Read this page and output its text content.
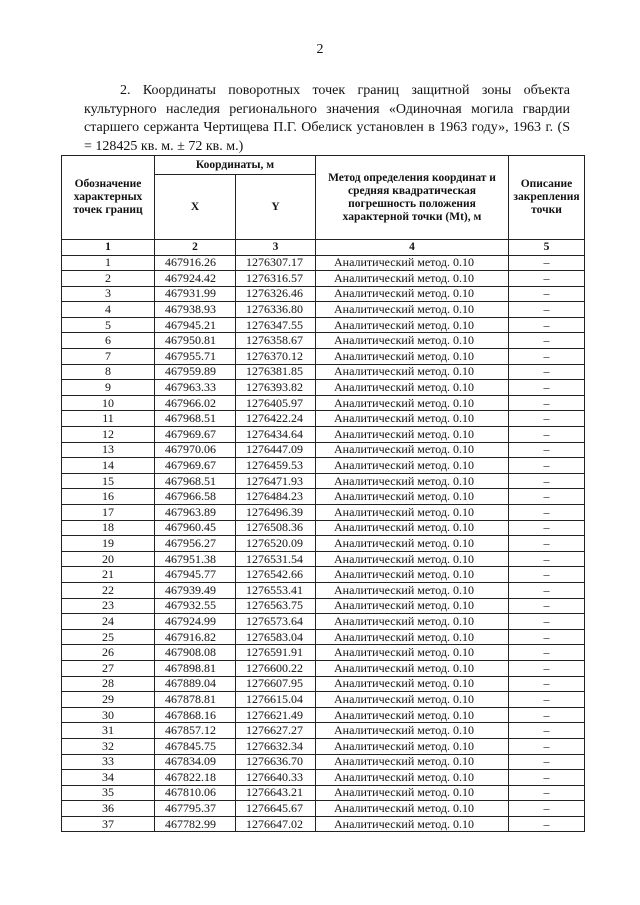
2

2. Координаты поворотных точек границ защитной зоны объекта культурного наследия регионального значения «Одиночная могила гвардии старшего сержанта Чертищева П.Г. Обелиск установлен в 1963 году», 1963 г. (S = 128425 кв. м. ± 72 кв. м.)

Обозначение характерных точек границ	Координаты, м		Метод определения координат и средняя квадратическая погрешность положения характерной точки (Mt), м	Описание закрепления точки
	X	Y		
1	2	3	4	5
1	467916.26	1276307.17	Аналитический метод. 0.10	–
2	467924.42	1276316.57	Аналитический метод. 0.10	–
3	467931.99	1276326.46	Аналитический метод. 0.10	–
4	467938.93	1276336.80	Аналитический метод. 0.10	–
5	467945.21	1276347.55	Аналитический метод. 0.10	–
6	467950.81	1276358.67	Аналитический метод. 0.10	–
7	467955.71	1276370.12	Аналитический метод. 0.10	–
8	467959.89	1276381.85	Аналитический метод. 0.10	–
9	467963.33	1276393.82	Аналитический метод. 0.10	–
10	467966.02	1276405.97	Аналитический метод. 0.10	–
11	467968.51	1276422.24	Аналитический метод. 0.10	–
12	467969.67	1276434.64	Аналитический метод. 0.10	–
13	467970.06	1276447.09	Аналитический метод. 0.10	–
14	467969.67	1276459.53	Аналитический метод. 0.10	–
15	467968.51	1276471.93	Аналитический метод. 0.10	–
16	467966.58	1276484.23	Аналитический метод. 0.10	–
17	467963.89	1276496.39	Аналитический метод. 0.10	–
18	467960.45	1276508.36	Аналитический метод. 0.10	–
19	467956.27	1276520.09	Аналитический метод. 0.10	–
20	467951.38	1276531.54	Аналитический метод. 0.10	–
21	467945.77	1276542.66	Аналитический метод. 0.10	–
22	467939.49	1276553.41	Аналитический метод. 0.10	–
23	467932.55	1276563.75	Аналитический метод. 0.10	–
24	467924.99	1276573.64	Аналитический метод. 0.10	–
25	467916.82	1276583.04	Аналитический метод. 0.10	–
26	467908.08	1276591.91	Аналитический метод. 0.10	–
27	467898.81	1276600.22	Аналитический метод. 0.10	–
28	467889.04	1276607.95	Аналитический метод. 0.10	–
29	467878.81	1276615.04	Аналитический метод. 0.10	–
30	467868.16	1276621.49	Аналитический метод. 0.10	–
31	467857.12	1276627.27	Аналитический метод. 0.10	–
32	467845.75	1276632.34	Аналитический метод. 0.10	–
33	467834.09	1276636.70	Аналитический метод. 0.10	–
34	467822.18	1276640.33	Аналитический метод. 0.10	–
35	467810.06	1276643.21	Аналитический метод. 0.10	–
36	467795.37	1276645.67	Аналитический метод. 0.10	–
37	467782.99	1276647.02	Аналитический метод. 0.10	–
